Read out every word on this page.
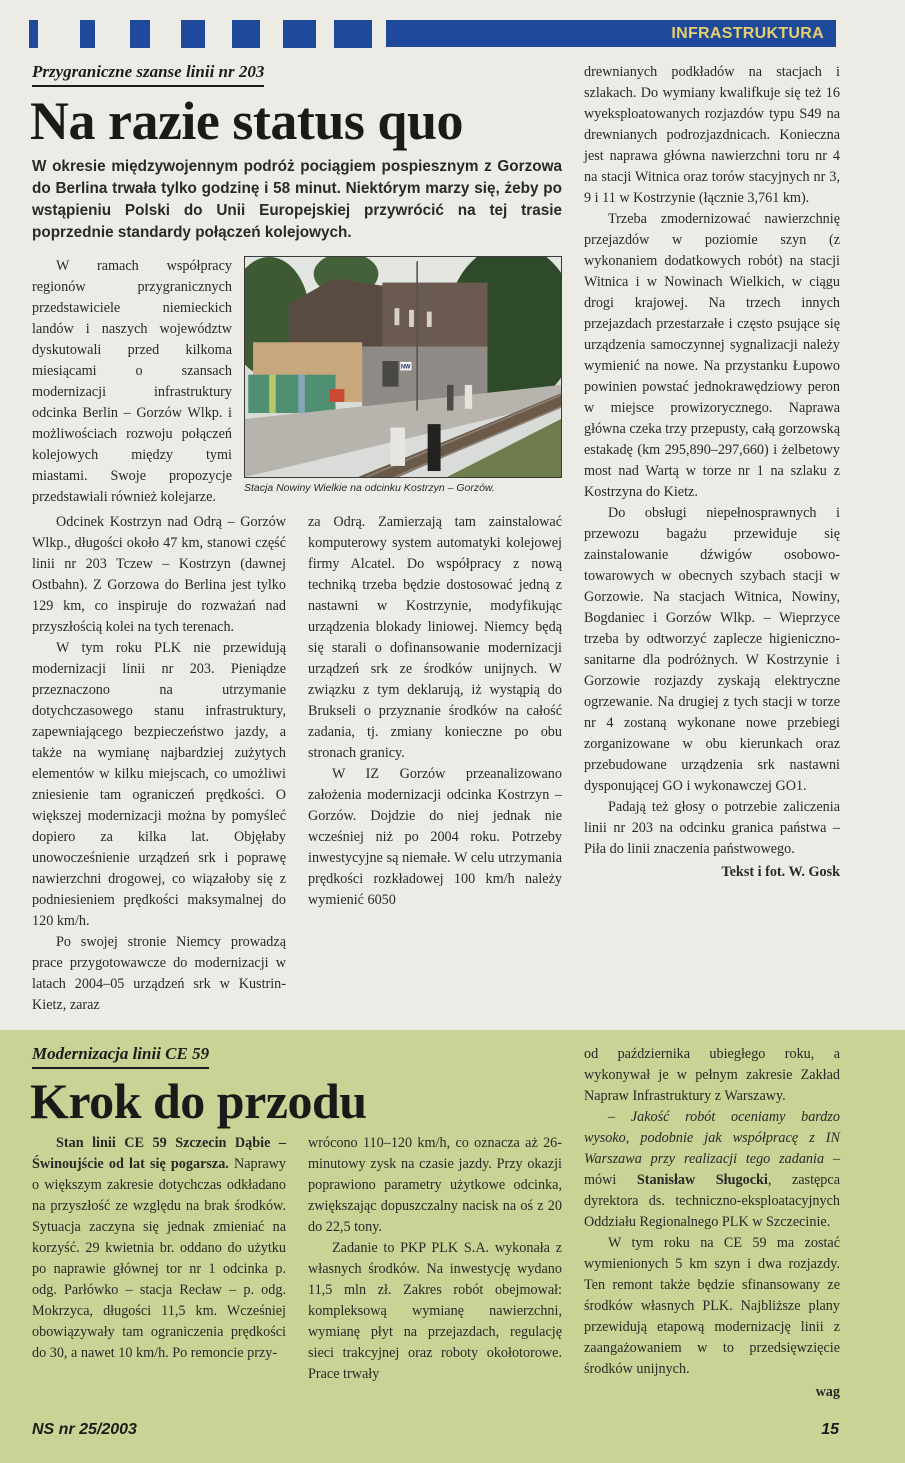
INFRASTRUKTURA
Przygraniczne szanse linii nr 203
Na razie status quo
W okresie międzywojennym podróż pociągiem pospiesznym z Gorzowa do Berlina trwała tylko godzinę i 58 minut. Niektórym marzy się, żeby po wstąpieniu Polski do Unii Europejskiej przywrócić na tej trasie poprzednie standardy połączeń kolejowych.

W ramach współpracy regionów przygranicznych przedstawiciele niemieckich landów i naszych województw dyskutowali przed kilkoma miesiącami o szansach modernizacji infrastruktury odcinka Berlin – Gorzów Wlkp. i możliwościach rozwoju połączeń kolejowych między tymi miastami. Swoje propozycje przedstawiali również kolejarze.

NW
Stacja Nowiny Wielkie na odcinku Kostrzyn – Gorzów.

Odcinek Kostrzyn nad Odrą – Gorzów Wlkp., długości około 47 km, stanowi część linii nr 203 Tczew – Kostrzyn (dawnej Ostbahn). Z Gorzowa do Berlina jest tylko 129 km, co inspiruje do rozważań nad przyszłością kolei na tych terenach.

W tym roku PLK nie przewidują modernizacji linii nr 203. Pieniądze przeznaczono na utrzymanie dotychczasowego stanu infrastruktury, zapewniającego bezpieczeństwo jazdy, a także na wymianę najbardziej zużytych elementów w kilku miejscach, co umożliwi zniesienie tam ograniczeń prędkości. O większej modernizacji można by pomyśleć dopiero za kilka lat. Objęłaby unowocześnienie urządzeń srk i poprawę nawierzchni drogowej, co wiązałoby się z podniesieniem prędkości maksymalnej do 120 km/h.

Po swojej stronie Niemcy prowadzą prace przygotowawcze do modernizacji w latach 2004–05 urządzeń srk w Kustrin-Kietz, zaraz

za Odrą. Zamierzają tam zainstalować komputerowy system automatyki kolejowej firmy Alcatel. Do współpracy z nową techniką trzeba będzie dostosować jedną z nastawni w Kostrzynie, modyfikując urządzenia blokady liniowej. Niemcy będą się starali o dofinansowanie modernizacji urządzeń srk ze środków unijnych. W związku z tym deklarują, iż wystąpią do Brukseli o przyznanie środków na całość zadania, tj. zmiany konieczne po obu stronach granicy.

W IZ Gorzów przeanalizowano założenia modernizacji odcinka Kostrzyn – Gorzów. Dojdzie do niej jednak nie wcześniej niż po 2004 roku. Potrzeby inwestycyjne są niemałe. W celu utrzymania prędkości rozkładowej 100 km/h należy wymienić 6050

drewnianych podkładów na stacjach i szlakach. Do wymiany kwalifkuje się też 16 wyeksploatowanych rozjazdów typu S49 na drewnianych podrozjazdnicach. Konieczna jest naprawa główna nawierzchni toru nr 4 na stacji Witnica oraz torów stacyjnych nr 3, 9 i 11 w Kostrzynie (łącznie 3,761 km).

Trzeba zmodernizować nawierzchnię przejazdów w poziomie szyn (z wykonaniem dodatkowych robót) na stacji Witnica i w Nowinach Wielkich, w ciągu drogi krajowej. Na trzech innych przejazdach przestarzałe i często psujące się urządzenia samoczynnej sygnalizacji należy wymienić na nowe. Na przystanku Łupowo powinien powstać jednokrawędziowy peron w miejsce prowizorycznego. Naprawa główna czeka trzy przepusty, całą gorzowską estakadę (km 295,890–297,660) i żelbetowy most nad Wartą w torze nr 1 na szlaku z Kostrzyna do Kietz.

Do obsługi niepełnosprawnych i przewozu bagażu przewiduje się zainstalowanie dźwigów osobowo-towarowych w obecnych szybach stacji w Gorzowie. Na stacjach Witnica, Nowiny, Bogdaniec i Gorzów Wlkp. – Wieprzyce trzeba by odtworzyć zaplecze higieniczno-sanitarne dla podróżnych. W Kostrzynie i Gorzowie rozjazdy zyskają elektryczne ogrzewanie. Na drugiej z tych stacji w torze nr 4 zostaną wykonane nowe przebiegi zorganizowane w obu kierunkach oraz przebudowane urządzenia srk nastawni dysponującej GO i wykonawczej GO1.

Padają też głosy o potrzebie zaliczenia linii nr 203 na odcinku granica państwa – Piła do linii znaczenia państwowego.

Tekst i fot. W. Gosk
Modernizacja linii CE 59
Krok do przodu

Stan linii CE 59 Szczecin Dąbie – Świnoujście od lat się pogarsza. Naprawy o większym zakresie dotychczas odkładano na przyszłość ze względu na brak środków. Sytuacja zaczyna się jednak zmieniać na korzyść. 29 kwietnia br. oddano do użytku po naprawie głównej tor nr 1 odcinka p. odg. Parłówko – stacja Recław – p. odg. Mokrzyca, długości 11,5 km. Wcześniej obowiązywały tam ograniczenia prędkości do 30, a nawet 10 km/h. Po remoncie przy-

wrócono 110–120 km/h, co oznacza aż 26-minutowy zysk na czasie jazdy. Przy okazji poprawiono parametry użytkowe odcinka, zwiększając dopuszczalny nacisk na oś z 20 do 22,5 tony.

Zadanie to PKP PLK S.A. wykonała z własnych środków. Na inwestycję wydano 11,5 mln zł. Zakres robót obejmował: kompleksową wymianę nawierzchni, wymianę płyt na przejazdach, regulację sieci trakcyjnej oraz roboty okołotorowe. Prace trwały

od października ubiegłego roku, a wykonywał je w pełnym zakresie Zakład Napraw Infrastruktury z Warszawy.

– Jakość robót oceniamy bardzo wysoko, podobnie jak współpracę z IN Warszawa przy realizacji tego zadania – mówi Stanisław Sługocki, zastępca dyrektora ds. techniczno-eksploatacyjnych Oddziału Regionalnego PLK w Szczecinie.

W tym roku na CE 59 ma zostać wymienionych 5 km szyn i dwa rozjazdy. Ten remont także będzie sfinansowany ze środków własnych PLK. Najbliższe plany przewidują etapową modernizację linii z zaangażowaniem w to przedsięwzięcie środków unijnych.

wag
NS nr 25/2003	15
